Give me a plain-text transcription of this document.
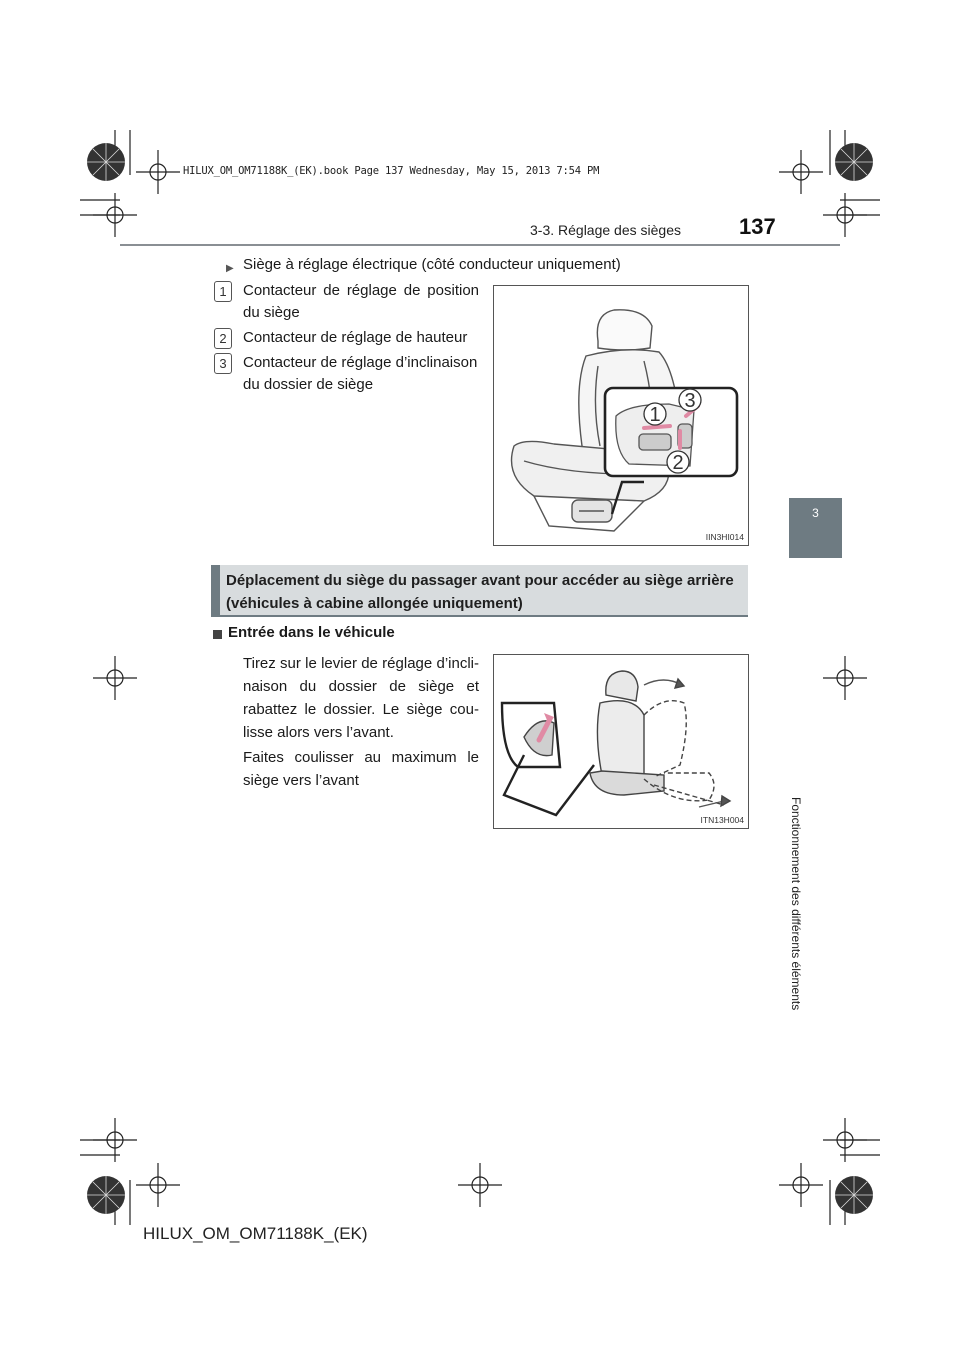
HILUX_OM_OM71188K_(EK).book Page 137 Wednesday, May 15, 2013 7:54 PM
3-3. Réglage des sièges	137
3
Fonctionnement des différents éléments
▶ Siège à réglage électrique (côté conducteur uniquement)
1	Contacteur de réglage de position
du siège
2	Contacteur de réglage de hauteur
3	Contacteur de réglage d’inclinaison
du dossier de siège
1
3
2
IIN3HI014
Déplacement du siège du passager avant pour accéder au siège arrière (véhicules à cabine allongée uniquement)
Entrée dans le véhicule
Tirez sur le levier de réglage d’incli-
naison du dossier de siège et
rabattez le dossier. Le siège cou-
lisse alors vers l’avant.
Faites coulisser au maximum le
siège vers l’avant
ITN13H004
HILUX_OM_OM71188K_(EK)
